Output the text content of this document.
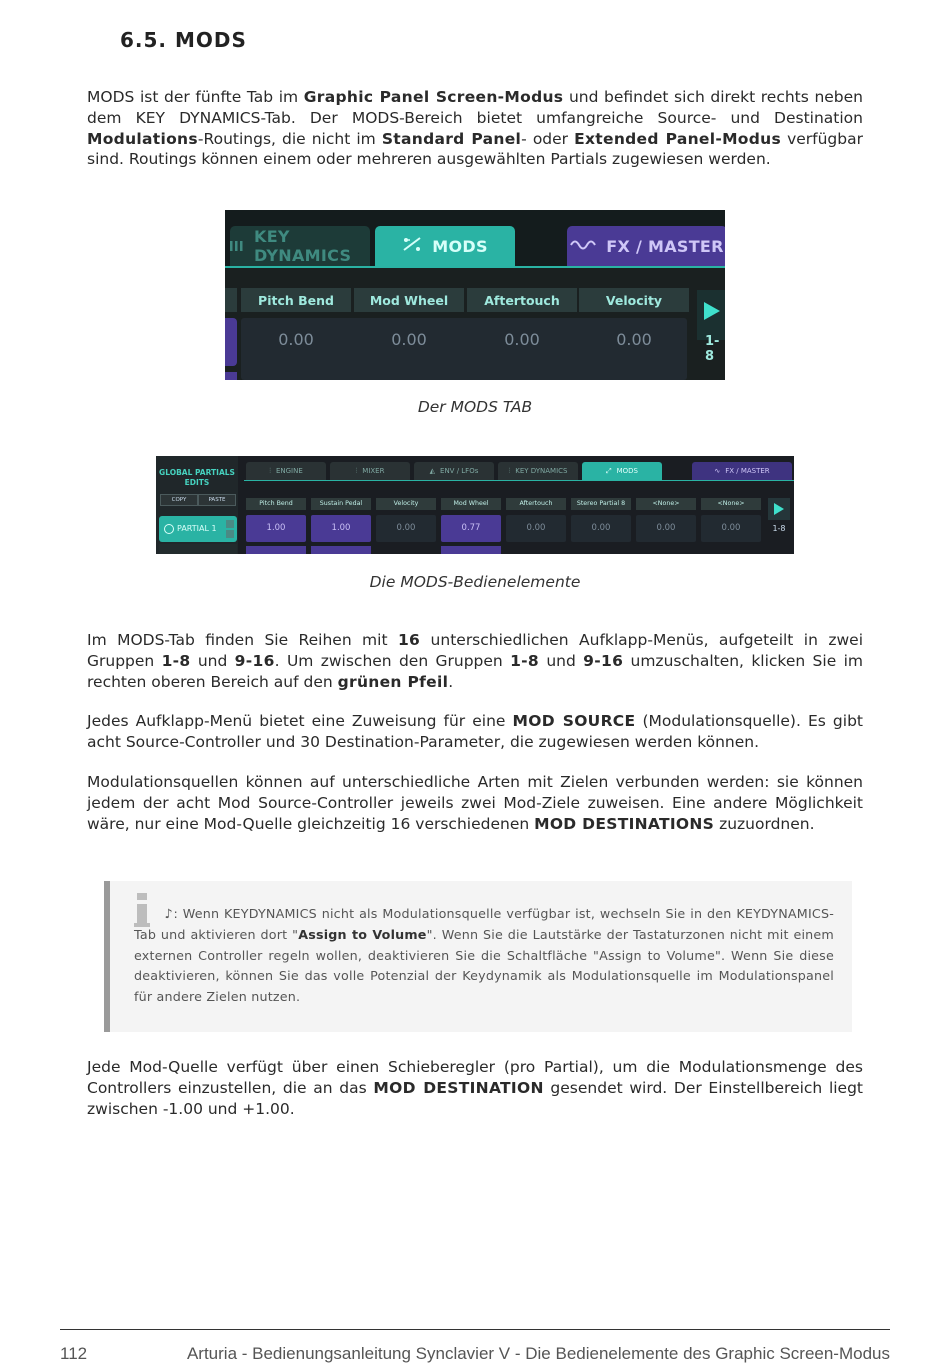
6.5. MODS

MODS ist der fünfte Tab im Graphic Panel Screen-Modus und befindet sich direkt rechts neben dem KEY DYNAMICS-Tab. Der MODS-Bereich bietet umfangreiche Source- und Destination Modulations-Routings, die nicht im Standard Panel- oder Extended Panel-Modus verfügbar sind. Routings können einem oder mehreren ausgewählten Partials zugewiesen werden.

KEY DYNAMICS	MODS	FX / MASTER
Pitch Bend	Mod Wheel	Aftertouch	Velocity
0.00	0.00	0.00	0.00	1-8
Der MODS TAB
GLOBAL PARTIALS EDITS
COPY	PASTE
PARTIAL 1
⫶ ENGINE	⫶ MIXER	◭ ENV / LFOs	⫶ KEY DYNAMICS	⤢ MODS	∿ FX / MASTER
Pitch Bend	Sustain Pedal	Velocity	Mod Wheel	Aftertouch	Stereo Partial 8	<None>	<None>
1.00	1.00	0.00	0.77	0.00	0.00	0.00	0.00	1-8
Die MODS-Bedienelemente

Im MODS-Tab finden Sie Reihen mit 16 unterschiedlichen Aufklapp-Menüs, aufgeteilt in zwei Gruppen 1-8 und 9-16. Um zwischen den Gruppen 1-8 und 9-16 umzuschalten, klicken Sie im rechten oberen Bereich auf den grünen Pfeil.

Jedes Aufklapp-Menü bietet eine Zuweisung für eine MOD SOURCE (Modulationsquelle). Es gibt acht Source-Controller und 30 Destination-Parameter, die zugewiesen werden können.

Modulationsquellen können auf unterschiedliche Arten mit Zielen verbunden werden: sie können jedem der acht Mod Source-Controller jeweils zwei Mod-Ziele zuweisen. Eine andere Möglichkeit wäre, nur eine Mod-Quelle gleichzeitig 16 verschiedenen MOD DESTINATIONS zuzuordnen.

♪: Wenn KEYDYNAMICS nicht als Modulationsquelle verfügbar ist, wechseln Sie in den KEYDYNAMICS-Tab und aktivieren dort "Assign to Volume". Wenn Sie die Lautstärke der Tastaturzonen nicht mit einem externen Controller regeln wollen, deaktivieren Sie die Schaltfläche "Assign to Volume". Wenn Sie diese deaktivieren, können Sie das volle Potenzial der Keydynamik als Modulationsquelle im Modulationspanel für andere Zielen nutzen.

Jede Mod-Quelle verfügt über einen Schieberegler (pro Partial), um die Modulationsmenge des Controllers einzustellen, die an das MOD DESTINATION gesendet wird. Der Einstellbereich liegt zwischen -1.00 und +1.00.

112	Arturia - Bedienungsanleitung Synclavier V - Die Bedienelemente des Graphic Screen-Modus
